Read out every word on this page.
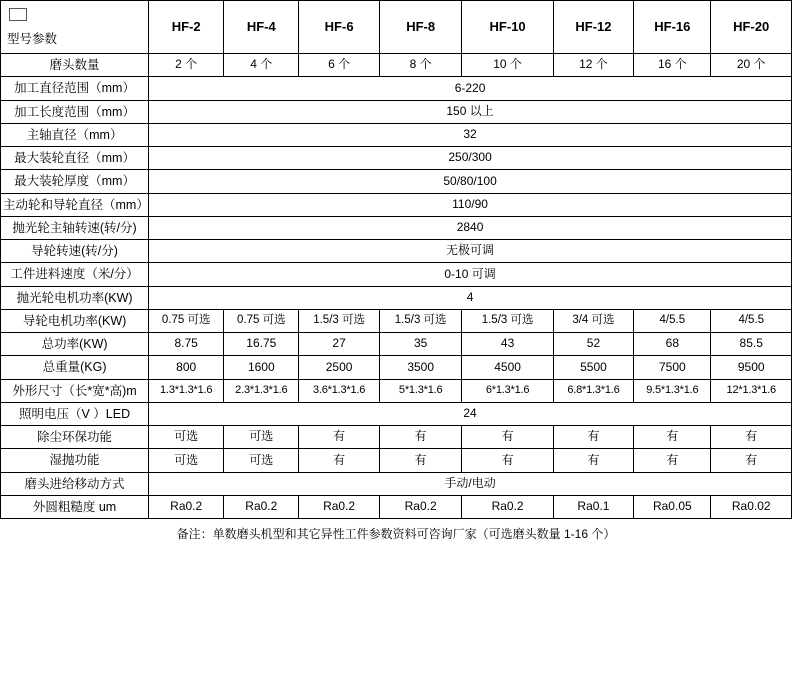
型号参数	HF-2	HF-4	HF-6	HF-8	HF-10	HF-12	HF-16	HF-20
磨头数量	2 个	4 个	6 个	8 个	10 个	12 个	16 个	20 个
加工直径范围（mm）	6-220							
加工长度范围（mm）	150 以上							
主轴直径（mm）	32							
最大装轮直径（mm）	250/300							
最大装轮厚度（mm）	50/80/100							
主动轮和导轮直径（mm）	110/90							
抛光轮主轴转速(转/分)	2840							
导轮转速(转/分)	无极可调							
工件进料速度（米/分）	0-10 可调							
抛光轮电机功率(KW)	4							
导轮电机功率(KW)	0.75 可选	0.75 可选	1.5/3 可选	1.5/3 可选	1.5/3 可选	3/4 可选	4/5.5	4/5.5
总功率(KW)	8.75	16.75	27	35	43	52	68	85.5
总重量(KG)	800	1600	2500	3500	4500	5500	7500	9500
外形尺寸（长*宽*高)m	1.3*1.3*1.6	2.3*1.3*1.6	3.6*1.3*1.6	5*1.3*1.6	6*1.3*1.6	6.8*1.3*1.6	9.5*1.3*1.6	12*1.3*1.6
照明电压（V ）LED	24							
除尘环保功能	可选	可选	有	有	有	有	有	有
湿抛功能	可选	可选	有	有	有	有	有	有
磨头进给移动方式	手动/电动							
外圆粗糙度 um	Ra0.2	Ra0.2	Ra0.2	Ra0.2	Ra0.2	Ra0.1	Ra0.05	Ra0.02
备注：单数磨头机型和其它异性工件参数资料可咨询厂家（可选磨头数量 1-16 个）
